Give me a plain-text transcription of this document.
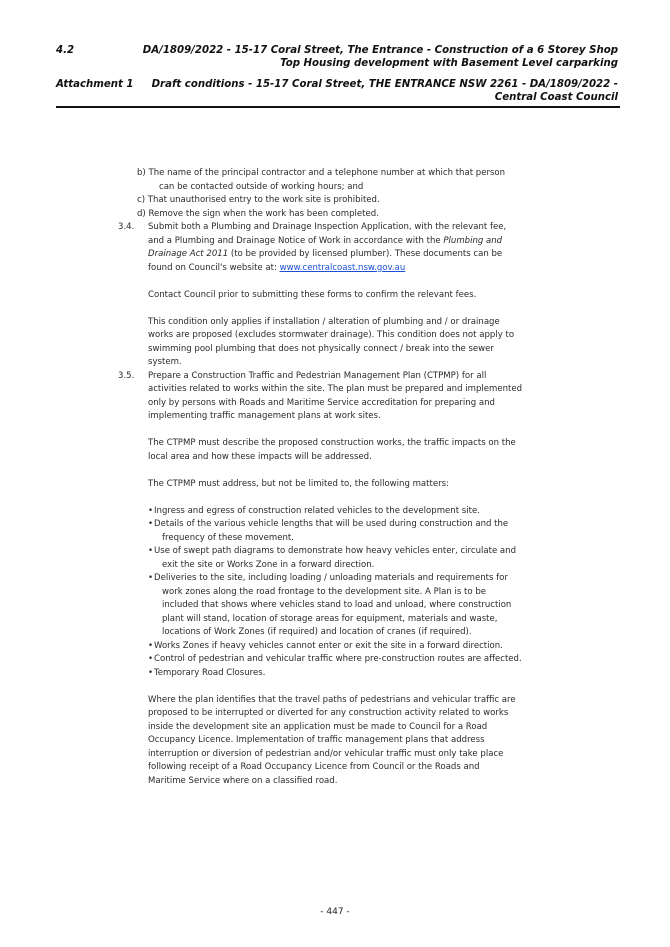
4.2	DA/1809/2022 - 15-17 Coral Street, The Entrance - Construction of a 6 Storey Shop
Top Housing development with Basement Level carparking
Attachment 1	Draft conditions - 15-17 Coral Street, THE ENTRANCE NSW 2261 - DA/1809/2022 -
Central Coast Council
b) The name of the principal contractor and a telephone number at which that person
can be contacted outside of working hours; and
c) That unauthorised entry to the work site is prohibited.
d) Remove the sign when the work has been completed.
3.4. Submit both a Plumbing and Drainage Inspection Application, with the relevant fee,
and a Plumbing and Drainage Notice of Work in accordance with the Plumbing and
Drainage Act 2011 (to be provided by licensed plumber). These documents can be
found on Council's website at: www.centralcoast.nsw.gov.au
Contact Council prior to submitting these forms to confirm the relevant fees.
This condition only applies if installation / alteration of plumbing and / or drainage
works are proposed (excludes stormwater drainage). This condition does not apply to
swimming pool plumbing that does not physically connect / break into the sewer
system.
3.5. Prepare a Construction Traffic and Pedestrian Management Plan (CTPMP) for all
activities related to works within the site. The plan must be prepared and implemented
only by persons with Roads and Maritime Service accreditation for preparing and
implementing traffic management plans at work sites.
The CTPMP must describe the proposed construction works, the traffic impacts on the
local area and how these impacts will be addressed.
The CTPMP must address, but not be limited to, the following matters:
• Ingress and egress of construction related vehicles to the development site.
• Details of the various vehicle lengths that will be used during construction and the
frequency of these movement.
• Use of swept path diagrams to demonstrate how heavy vehicles enter, circulate and
exit the site or Works Zone in a forward direction.
• Deliveries to the site, including loading / unloading materials and requirements for
work zones along the road frontage to the development site. A Plan is to be
included that shows where vehicles stand to load and unload, where construction
plant will stand, location of storage areas for equipment, materials and waste,
locations of Work Zones (if required) and location of cranes (if required).
• Works Zones if heavy vehicles cannot enter or exit the site in a forward direction.
• Control of pedestrian and vehicular traffic where pre-construction routes are affected.
• Temporary Road Closures.
Where the plan identifies that the travel paths of pedestrians and vehicular traffic are
proposed to be interrupted or diverted for any construction activity related to works
inside the development site an application must be made to Council for a Road
Occupancy Licence. Implementation of traffic management plans that address
interruption or diversion of pedestrian and/or vehicular traffic must only take place
following receipt of a Road Occupancy Licence from Council or the Roads and
Maritime Service where on a classified road.
- 447 -
